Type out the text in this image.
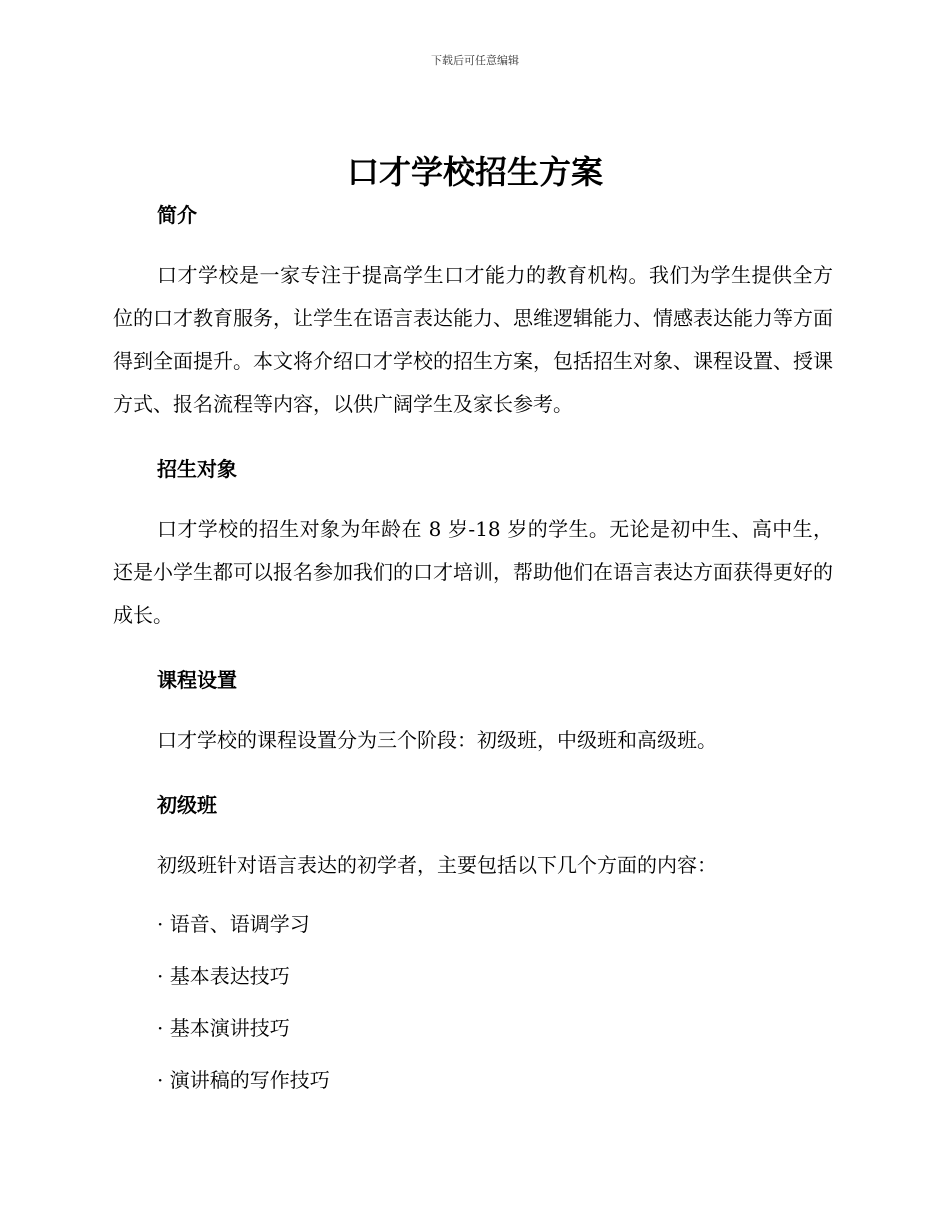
下载后可任意编辑
口才学校招生方案
简介

口才学校是一家专注于提高学生口才能力的教育机构。我们为学生提供全方位的口才教育服务，让学生在语言表达能力、思维逻辑能力、情感表达能力等方面得到全面提升。本文将介绍口才学校的招生方案，包括招生对象、课程设置、授课方式、报名流程等内容，以供广阔学生及家长参考。

招生对象

口才学校的招生对象为年龄在 8 岁-18 岁的学生。无论是初中生、高中生，还是小学生都可以报名参加我们的口才培训，帮助他们在语言表达方面获得更好的成长。

课程设置

口才学校的课程设置分为三个阶段：初级班，中级班和高级班。

初级班

初级班针对语言表达的初学者，主要包括以下几个方面的内容：

· 语音、语调学习

· 基本表达技巧

· 基本演讲技巧

· 演讲稿的写作技巧
